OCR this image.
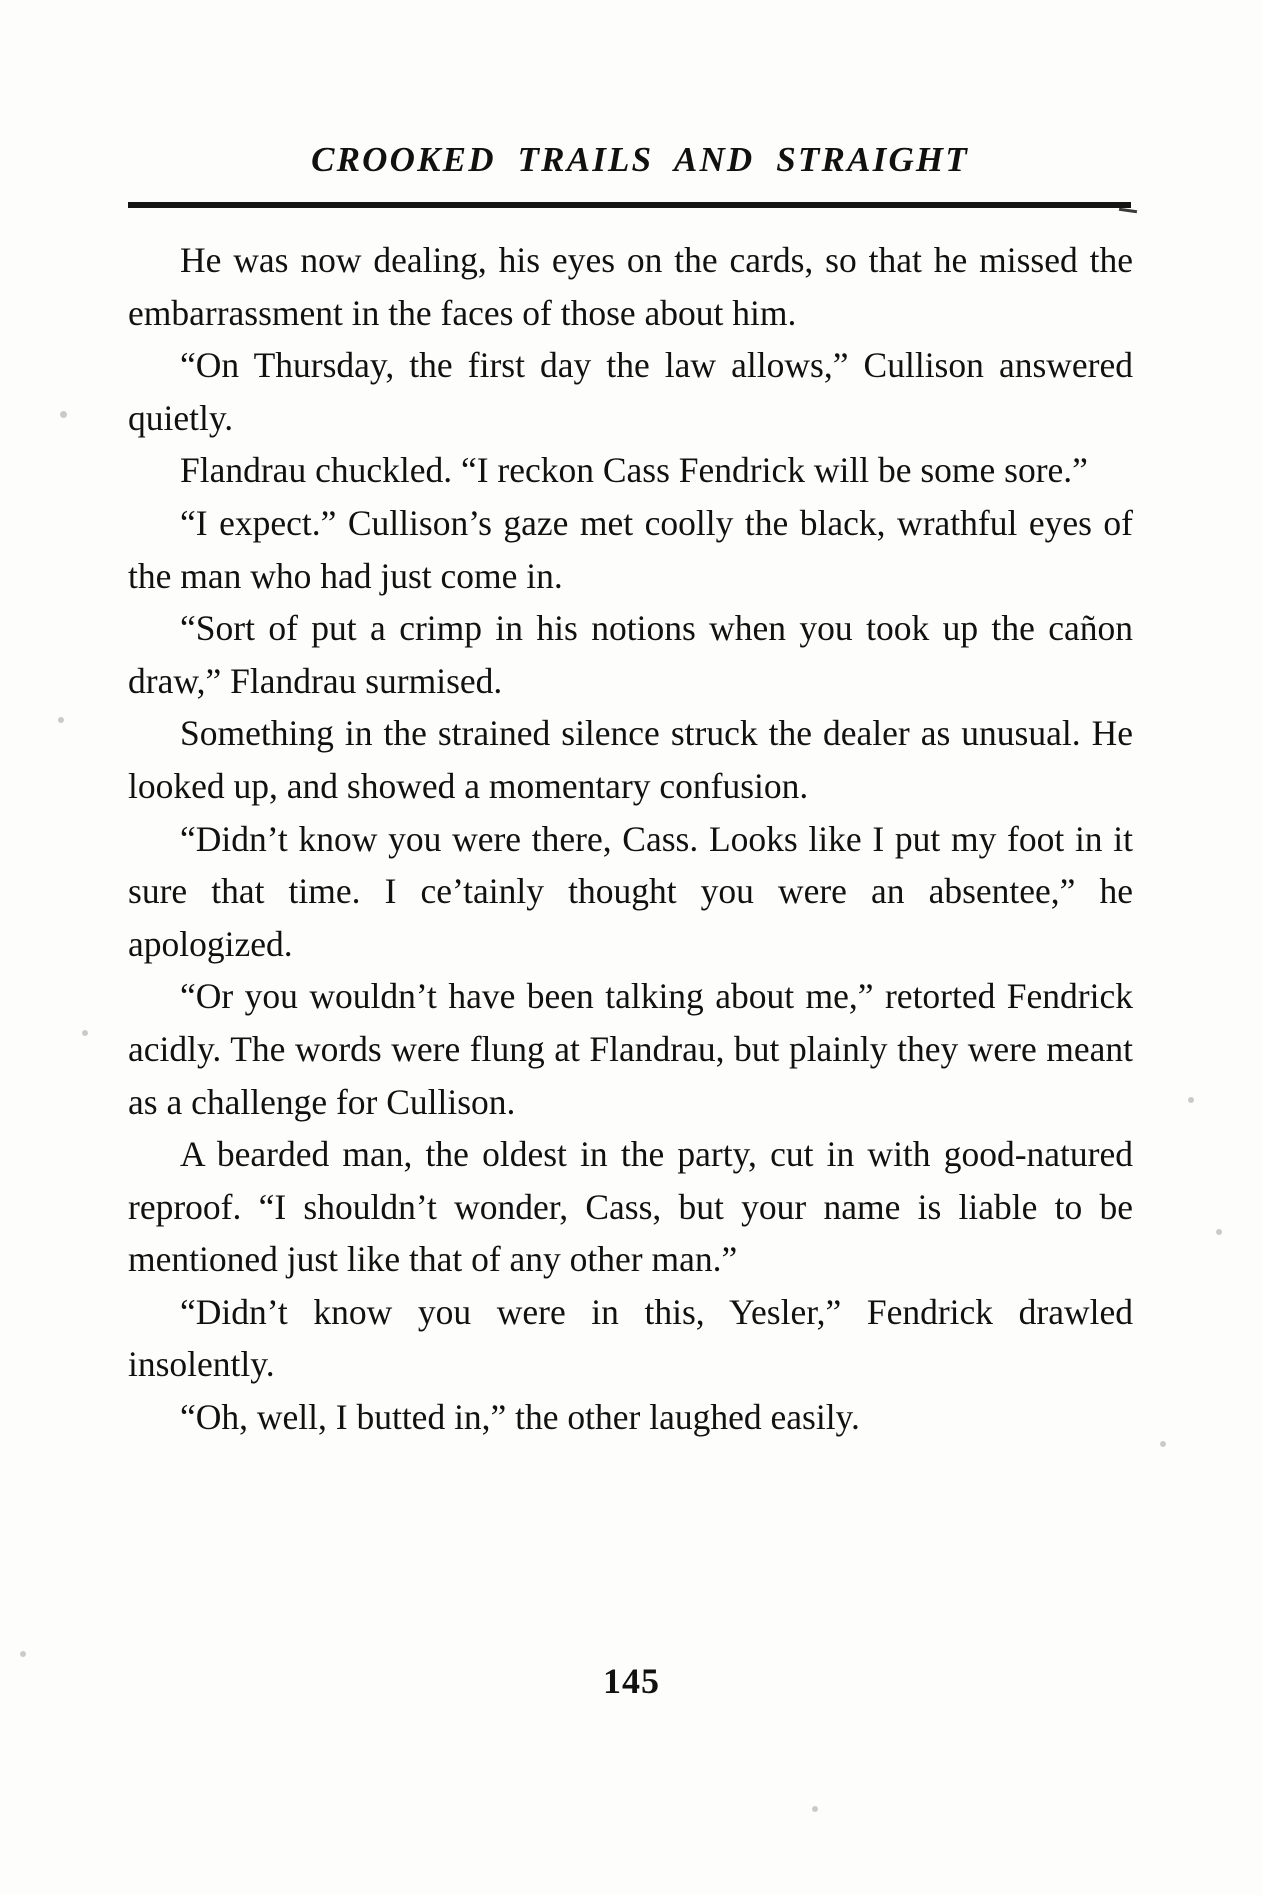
CROOKED  TRAILS  AND  STRAIGHT

He was now dealing, his eyes on the cards, so that he missed the embarrassment in the faces of those about him.

“On Thursday, the first day the law allows,” Cullison answered quietly.

Flandrau chuckled. “I reckon Cass Fendrick will be some sore.”

“I expect.” Cullison’s gaze met coolly the black, wrathful eyes of the man who had just come in.

“Sort of put a crimp in his notions when you took up the cañon draw,” Flandrau surmised.

Something in the strained silence struck the dealer as unusual. He looked up, and showed a momentary confusion.

“Didn’t know you were there, Cass. Looks like I put my foot in it sure that time. I ce’tainly thought you were an absentee,” he apologized.

“Or you wouldn’t have been talking about me,” retorted Fendrick acidly. The words were flung at Flandrau, but plainly they were meant as a challenge for Cullison.

A bearded man, the oldest in the party, cut in with good-natured reproof. “I shouldn’t wonder, Cass, but your name is liable to be mentioned just like that of any other man.”

“Didn’t know you were in this, Yesler,” Fendrick drawled insolently.

“Oh, well, I butted in,” the other laughed easily.

145
